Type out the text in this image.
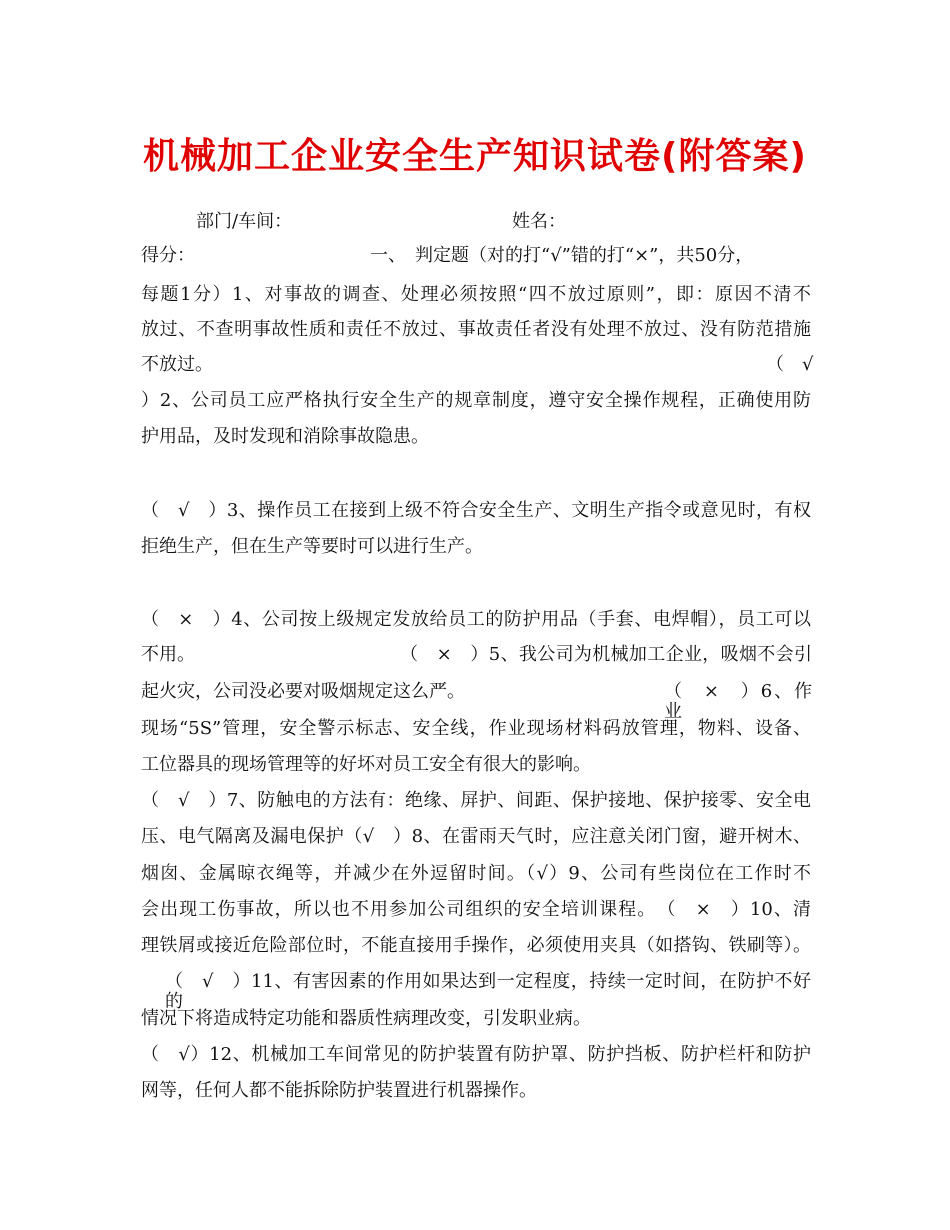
机械加工企业安全生产知识试卷(附答案)
部门/车间：	姓名：
得分：	一、　判定题（对的打“√”错的打“×”，共50分，
每题1分）1、对事故的调查、处理必须按照“四不放过原则”，即：原因不清不
放过、不查明事故性质和责任不放过、事故责任者没有处理不放过、没有防范措施
不放过。	（　√
）2、公司员工应严格执行安全生产的规章制度，遵守安全操作规程，正确使用防
护用品，及时发现和消除事故隐患。
（　√　）3、操作员工在接到上级不符合安全生产、文明生产指令或意见时，有权
拒绝生产，但在生产等要时可以进行生产。
（　×　）4、公司按上级规定发放给员工的防护用品（手套、电焊帽），员工可以
不用。	（　×　）5、我公司为机械加工企业，吸烟不会引
起火灾，公司没必要对吸烟规定这么严。	（　×　）6、作业
现场“5S”管理，安全警示标志、安全线，作业现场材料码放管理，物料、设备、
工位器具的现场管理等的好坏对员工安全有很大的影响。
（　√　）7、防触电的方法有：绝缘、屏护、间距、保护接地、保护接零、安全电
压、电气隔离及漏电保护（√　）8、在雷雨天气时，应注意关闭门窗，避开树木、
烟囱、金属晾衣绳等，并减少在外逗留时间。（√）9、公司有些岗位在工作时不
会出现工伤事故，所以也不用参加公司组织的安全培训课程。　（　×　）10、清
理铁屑或接近危险部位时，不能直接用手操作，必须使用夹具（如搭钩、铁刷等）。
（　√　）11、有害因素的作用如果达到一定程度，持续一定时间，在防护不好的
情况下将造成特定功能和器质性病理改变，引发职业病。
（　√）12、机械加工车间常见的防护装置有防护罩、防护挡板、防护栏杆和防护
网等，任何人都不能拆除防护装置进行机器操作。
